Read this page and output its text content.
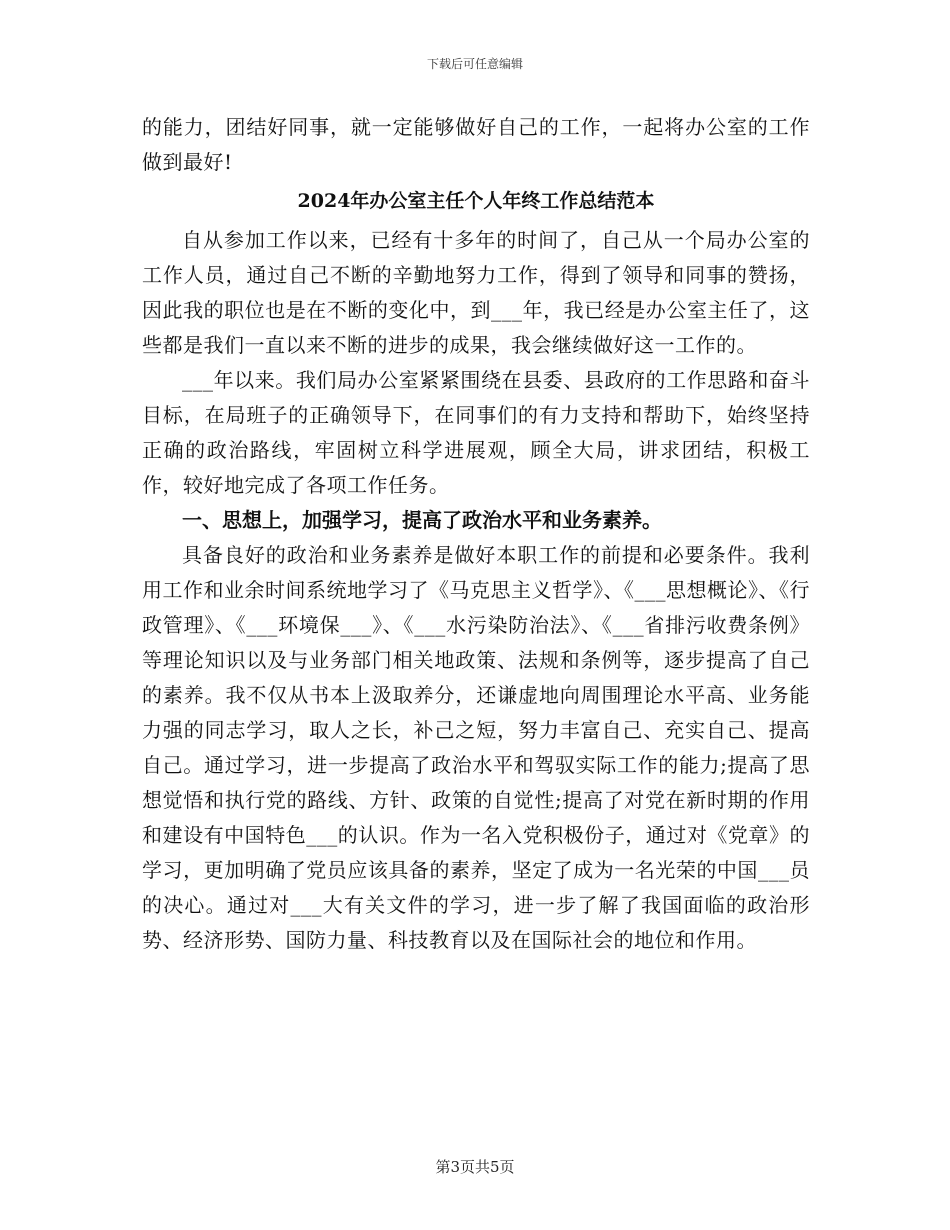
下载后可任意编辑

的能力，团结好同事，就一定能够做好自己的工作，一起将办公室的工作做到最好!

2024年办公室主任个人年终工作总结范本

自从参加工作以来，已经有十多年的时间了，自己从一个局办公室的工作人员，通过自己不断的辛勤地努力工作，得到了领导和同事的赞扬，因此我的职位也是在不断的变化中，到___年，我已经是办公室主任了，这些都是我们一直以来不断的进步的成果，我会继续做好这一工作的。

___年以来。我们局办公室紧紧围绕在县委、县政府的工作思路和奋斗目标，在局班子的正确领导下，在同事们的有力支持和帮助下，始终坚持正确的政治路线，牢固树立科学进展观，顾全大局，讲求团结，积极工作，较好地完成了各项工作任务。

一、思想上，加强学习，提高了政治水平和业务素养。

具备良好的政治和业务素养是做好本职工作的前提和必要条件。我利用工作和业余时间系统地学习了《马克思主义哲学》、《___思想概论》、《行政管理》、《___环境保___》、《___水污染防治法》、《___省排污收费条例》等理论知识以及与业务部门相关地政策、法规和条例等，逐步提高了自己的素养。我不仅从书本上汲取养分，还谦虚地向周围理论水平高、业务能力强的同志学习，取人之长，补己之短，努力丰富自己、充实自己、提高自己。通过学习，进一步提高了政治水平和驾驭实际工作的能力;提高了思想觉悟和执行党的路线、方针、政策的自觉性;提高了对党在新时期的作用和建设有中国特色___的认识。作为一名入党积极份子，通过对《党章》的学习，更加明确了党员应该具备的素养，坚定了成为一名光荣的中国___员的决心。通过对___大有关文件的学习，进一步了解了我国面临的政治形势、经济形势、国防力量、科技教育以及在国际社会的地位和作用。

第3页共5页
